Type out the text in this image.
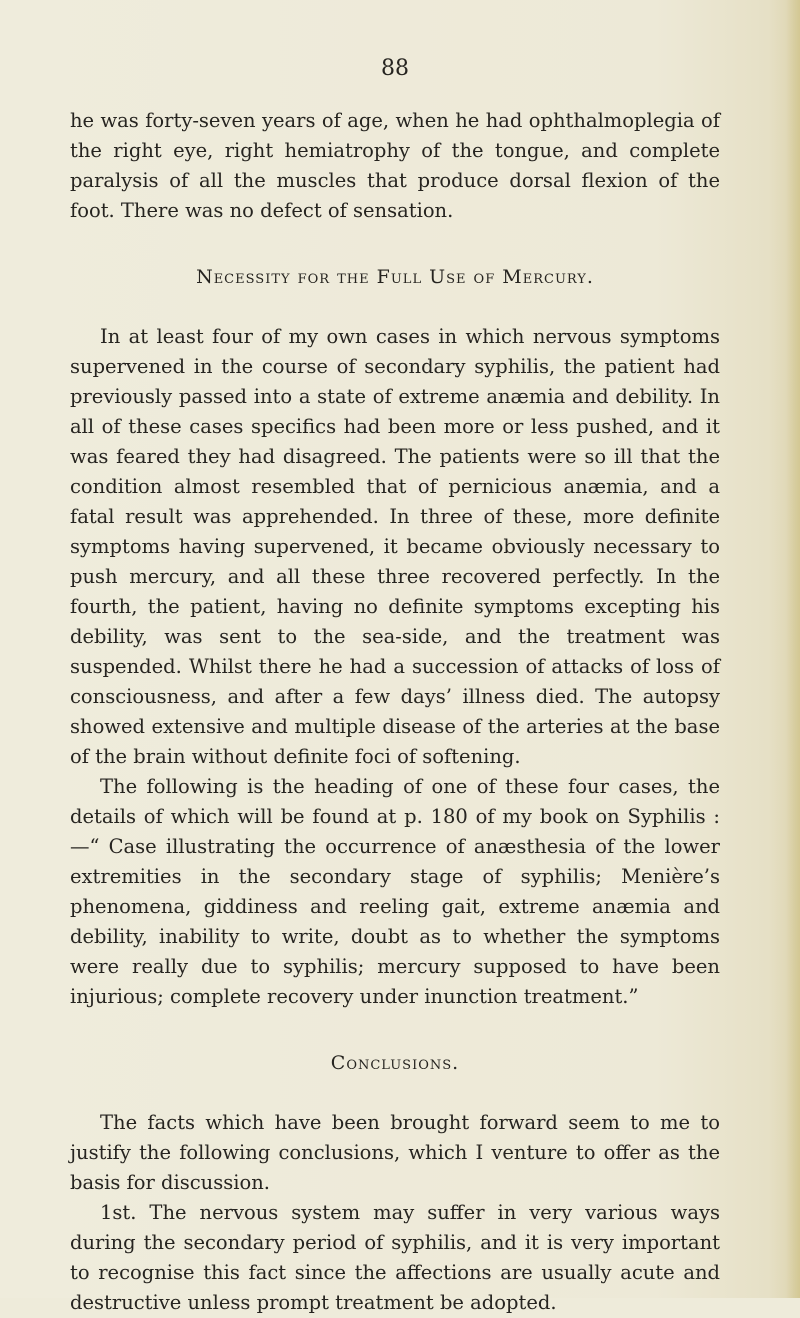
88

he was forty-seven years of age, when he had ophthalmoplegia of the right eye, right hemiatrophy of the tongue, and complete paralysis of all the muscles that produce dorsal flexion of the foot. There was no defect of sensation.

Necessity for the Full Use of Mercury.

In at least four of my own cases in which nervous symptoms supervened in the course of secondary syphilis, the patient had previously passed into a state of extreme anæmia and debility. In all of these cases specifics had been more or less pushed, and it was feared they had disagreed. The patients were so ill that the condition almost resembled that of pernicious anæmia, and a fatal result was apprehended. In three of these, more definite symptoms having supervened, it became obviously necessary to push mercury, and all these three recovered perfectly. In the fourth, the patient, having no definite symptoms excepting his debility, was sent to the sea-side, and the treatment was suspended. Whilst there he had a succession of attacks of loss of consciousness, and after a few days’ illness died. The autopsy showed extensive and multiple disease of the arteries at the base of the brain without definite foci of softening.

The following is the heading of one of these four cases, the details of which will be found at p. 180 of my book on Syphilis :—“ Case illustrating the occurrence of anæsthesia of the lower extremities in the secondary stage of syphilis; Menière’s phenomena, giddiness and reeling gait, extreme anæmia and debility, inability to write, doubt as to whether the symptoms were really due to syphilis; mercury supposed to have been injurious; complete recovery under inunction treatment.”

Conclusions.

The facts which have been brought forward seem to me to justify the following conclusions, which I venture to offer as the basis for discussion.

1st. The nervous system may suffer in very various ways during the secondary period of syphilis, and it is very important to recognise this fact since the affections are usually acute and destructive unless prompt treatment be adopted.
